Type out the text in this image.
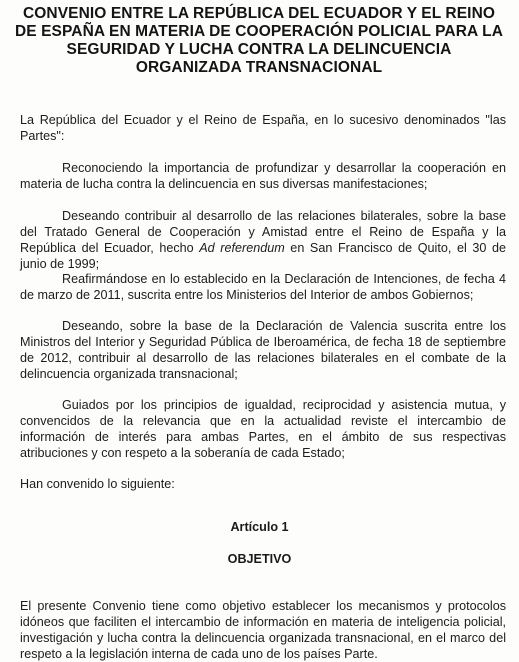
CONVENIO ENTRE LA REPÚBLICA DEL ECUADOR Y EL REINO DE ESPAÑA EN MATERIA DE COOPERACIÓN POLICIAL PARA LA SEGURIDAD Y LUCHA CONTRA LA DELINCUENCIA ORGANIZADA TRANSNACIONAL

La República del Ecuador y el Reino de España, en lo sucesivo denominados "las Partes":

Reconociendo la importancia de profundizar y desarrollar la cooperación en materia de lucha contra la delincuencia en sus diversas manifestaciones;

Deseando contribuir al desarrollo de las relaciones bilaterales, sobre la base del Tratado General de Cooperación y Amistad entre el Reino de España y la República del Ecuador, hecho Ad referendum en San Francisco de Quito, el 30 de junio de 1999;

Reafirmándose en lo establecido en la Declaración de Intenciones, de fecha 4 de marzo de 2011, suscrita entre los Ministerios del Interior de ambos Gobiernos;

Deseando, sobre la base de la Declaración de Valencia suscrita entre los Ministros del Interior y Seguridad Pública de Iberoamérica, de fecha 18 de septiembre de 2012, contribuir al desarrollo de las relaciones bilaterales en el combate de la delincuencia organizada transnacional;

Guiados por los principios de igualdad, reciprocidad y asistencia mutua, y convencidos de la relevancia que en la actualidad reviste el intercambio de información de interés para ambas Partes, en el ámbito de sus respectivas atribuciones y con respeto a la soberanía de cada Estado;

Han convenido lo siguiente:

Artículo 1

OBJETIVO

El presente Convenio tiene como objetivo establecer los mecanismos y protocolos idóneos que faciliten el intercambio de información en materia de inteligencia policial, investigación y lucha contra la delincuencia organizada transnacional, en el marco del respeto a la legislación interna de cada uno de los países Parte.
